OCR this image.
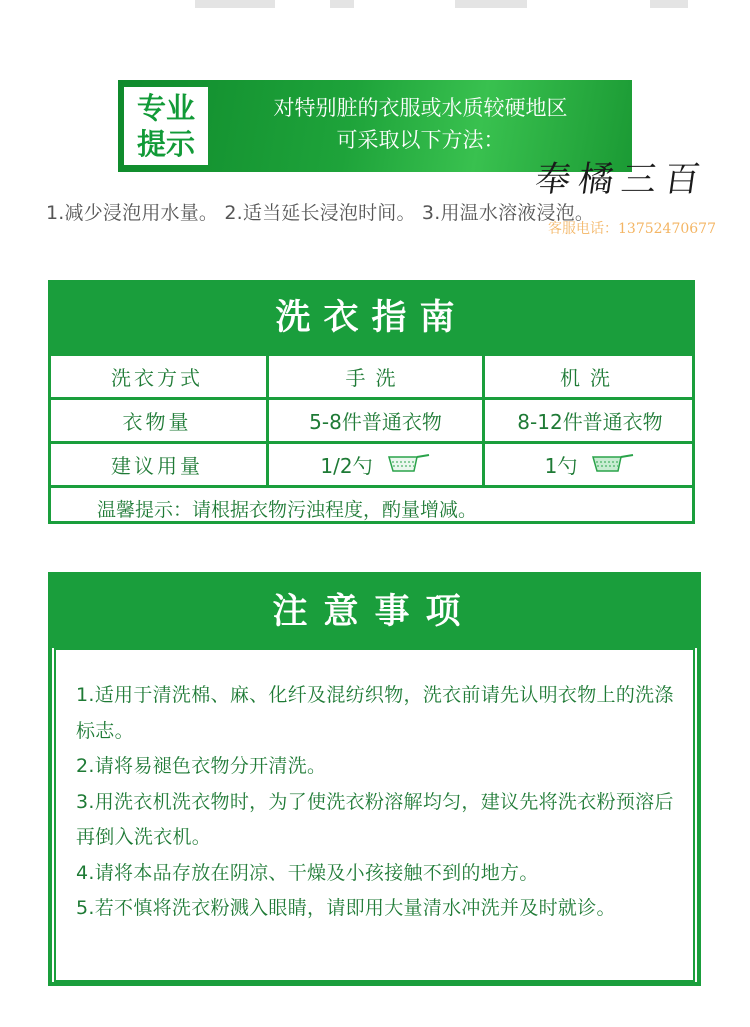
专业
提示
对特别脏的衣服或水质较硬地区
可采取以下方法：
1.减少浸泡用水量。 2.适当延长浸泡时间。 3.用温水溶液浸泡。
奉橘三百
客服电话：13752470677
洗衣指南
洗衣方式	手洗	机洗
衣物量	5-8件普通衣物	8-12件普通衣物
建议用量	1/2勺	1勺
温馨提示：请根据衣物污浊程度，酌量增减。
注意事项
1.适用于清洗棉、麻、化纤及混纺织物，洗衣前请先认明衣物上的洗涤标志。
2.请将易褪色衣物分开清洗。
3.用洗衣机洗衣物时，为了使洗衣粉溶解均匀，建议先将洗衣粉预溶后再倒入洗衣机。
4.请将本品存放在阴凉、干燥及小孩接触不到的地方。
5.若不慎将洗衣粉溅入眼睛，请即用大量清水冲洗并及时就诊。
